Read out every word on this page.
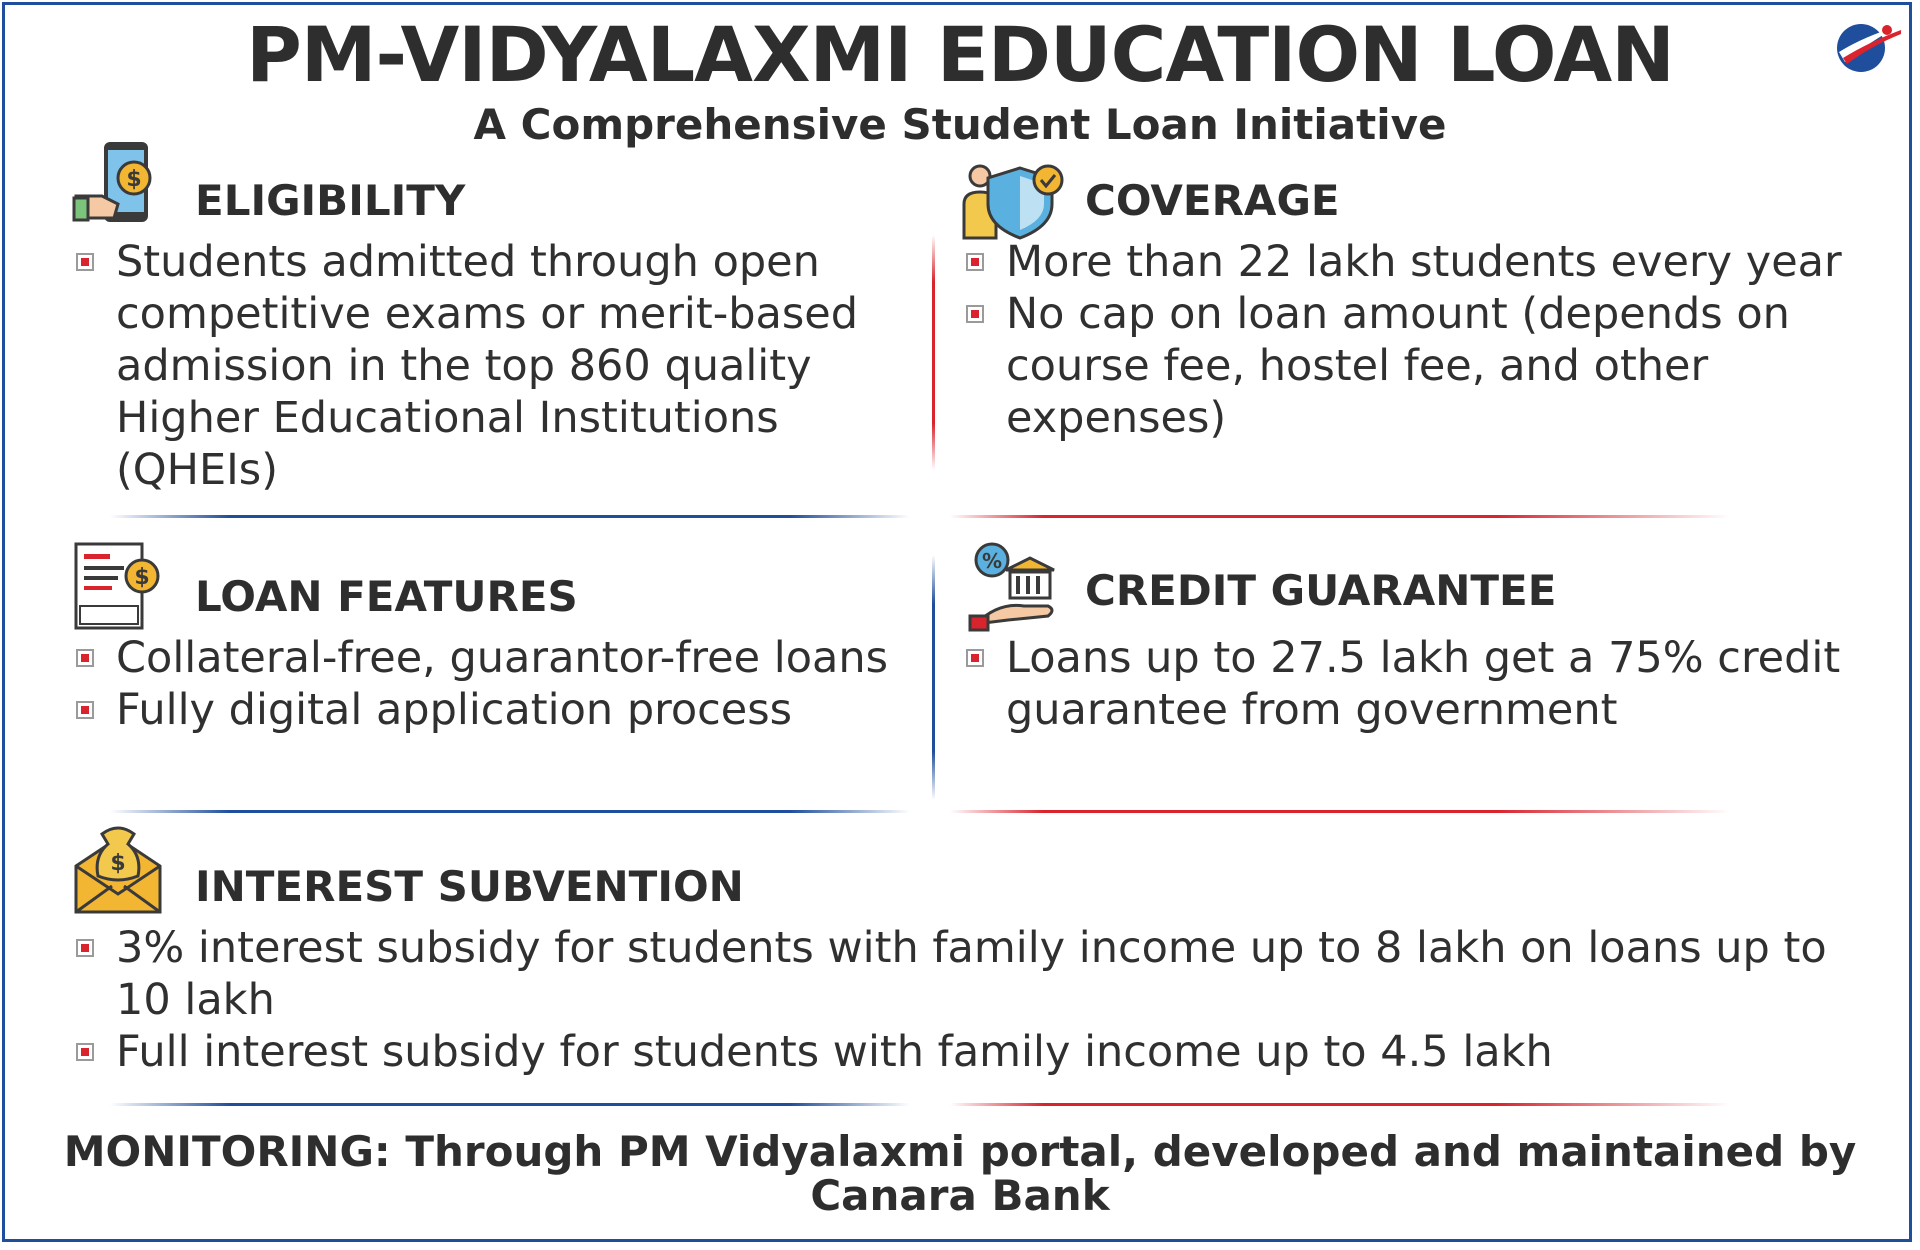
PM-VIDYALAXMI EDUCATION LOAN
A Comprehensive Student Loan Initiative
$ ELIGIBILITY
Students admitted through open competitive exams or merit-based admission in the top 860 quality Higher Educational Institutions (QHEIs)
COVERAGE
More than 22 lakh students every year
No cap on loan amount (depends on course fee, hostel fee, and other expenses)
$ LOAN FEATURES
Collateral-free, guarantor-free loans
Fully digital application process
%
CREDIT GUARANTEE
Loans up to 27.5 lakh get a 75% credit guarantee from government
$ INTEREST SUBVENTION
3% interest subsidy for students with family income up to 8 lakh on loans up to 10 lakh
Full interest subsidy for students with family income up to 4.5 lakh
MONITORING: Through PM Vidyalaxmi portal, developed and maintained by Canara Bank
